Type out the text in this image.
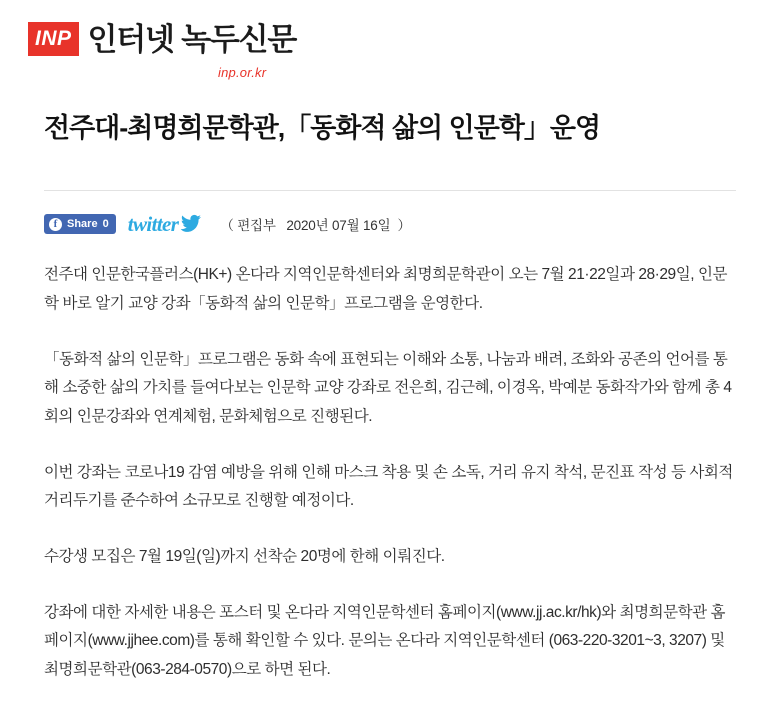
INP 인터넷 녹두신문
inp.or.kr
전주대-최명희문학관,「동화적 삶의 인문학」운영
f Share 0 twitter	（ 편집부   2020년 07월 16일  ）

전주대 인문한국플러스(HK+) 온다라 지역인문학센터와 최명희문학관이 오는 7월 21·22일과 28·29일, 인문학 바로 알기 교양 강좌「동화적 삶의 인문학」프로그램을 운영한다.

「동화적 삶의 인문학」프로그램은 동화 속에 표현되는 이해와 소통, 나눔과 배려, 조화와 공존의 언어를 통해 소중한 삶의 가치를 들여다보는 인문학 교양 강좌로 전은희, 김근혜, 이경옥, 박예분 동화작가와 함께 총 4회의 인문강좌와 연계체험, 문화체험으로 진행된다.

이번 강좌는 코로나19 감염 예방을 위해 인해 마스크 착용 및 손 소독, 거리 유지 착석, 문진표 작성 등 사회적 거리두기를 준수하여 소규모로 진행할 예정이다.

수강생 모집은 7월 19일(일)까지 선착순 20명에 한해 이뤄진다.

강좌에 대한 자세한 내용은 포스터 및 온다라 지역인문학센터 홈페이지(www.jj.ac.kr/hk)와 최명희문학관 홈페이지(www.jjhee.com)를 통해 확인할 수 있다. 문의는 온다라 지역인문학센터 (063-220-3201~3, 3207) 및 최명희문학관(063-284-0570)으로 하면 된다.
